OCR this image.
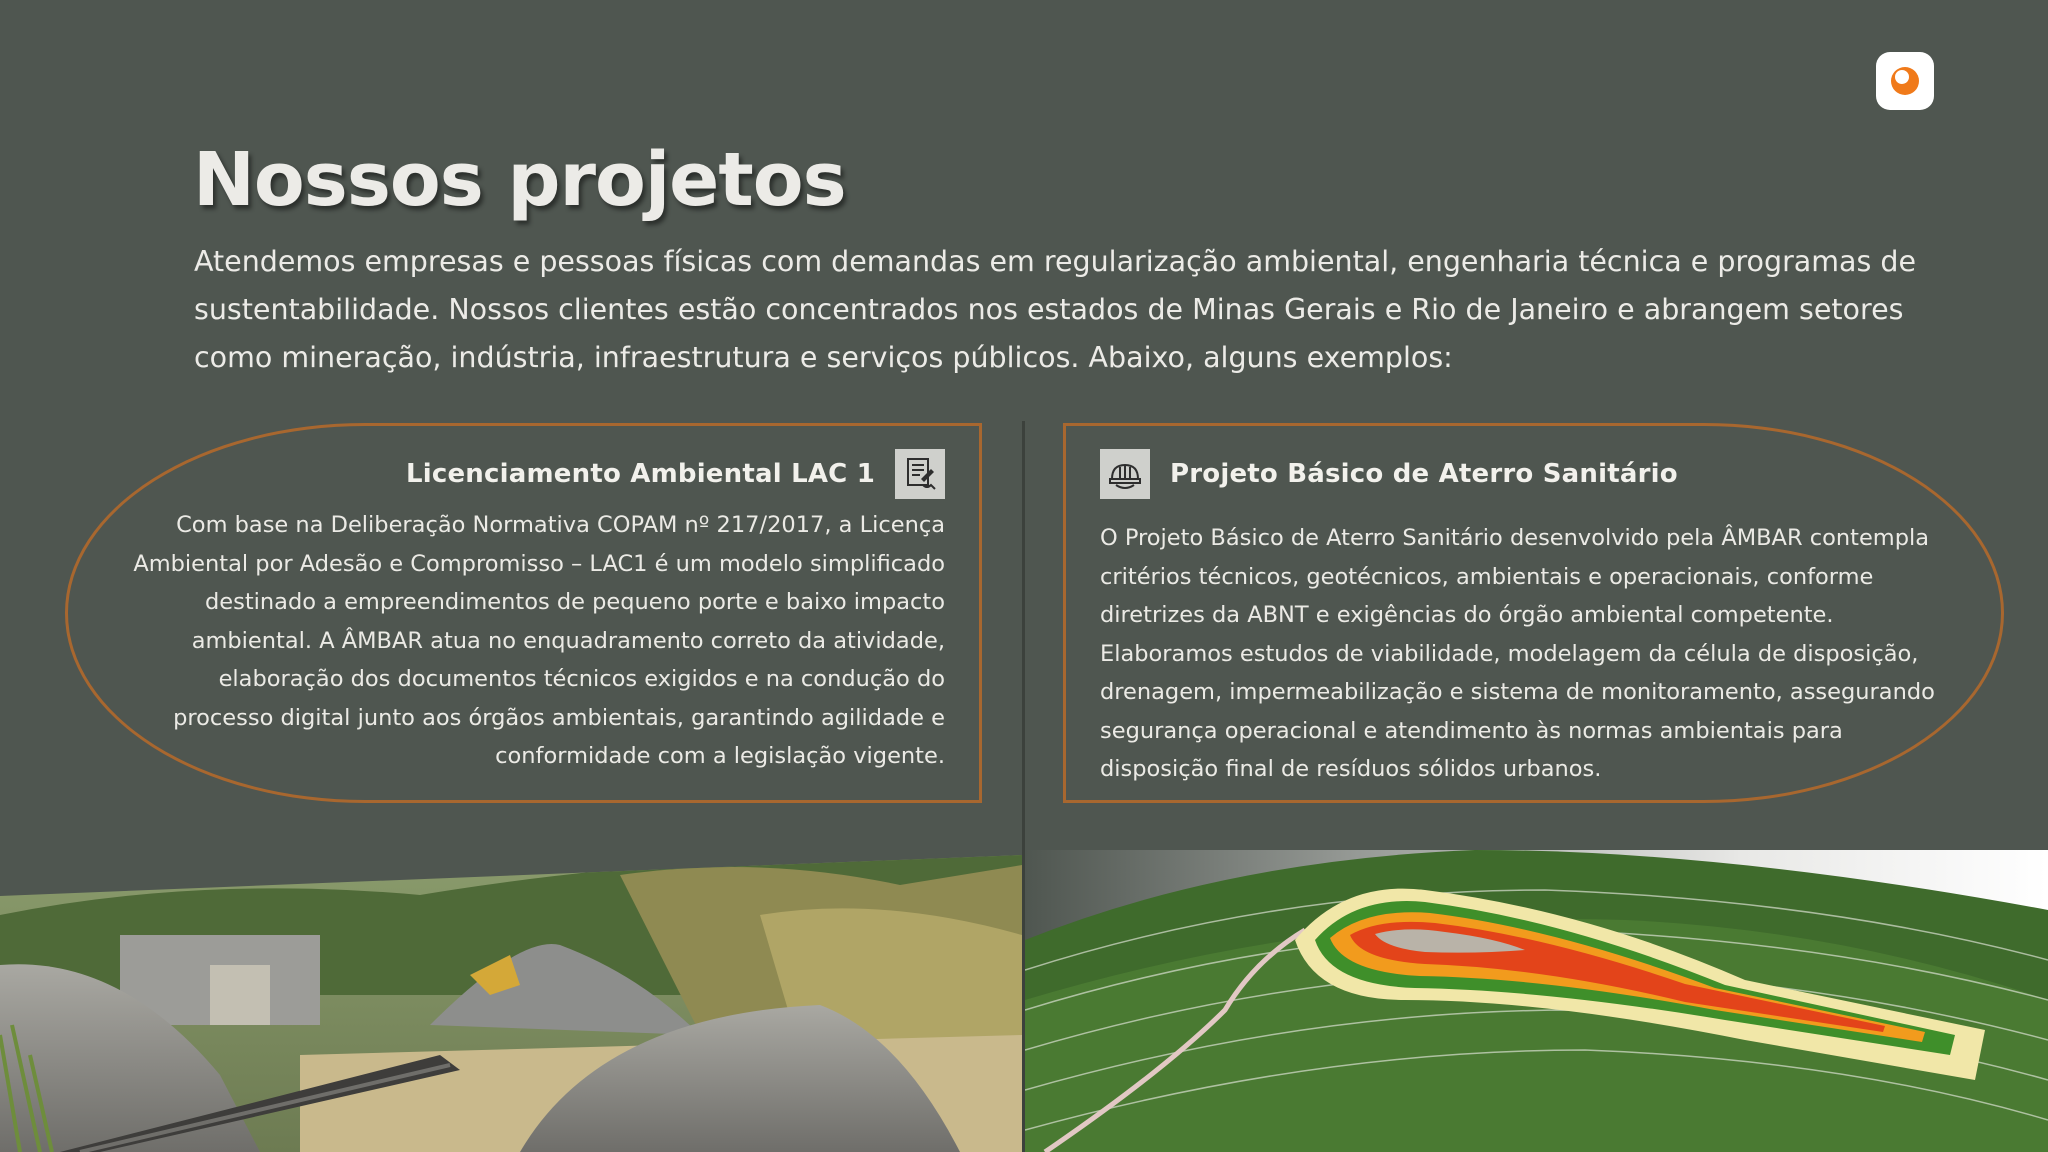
Nossos projetos

Atendemos empresas e pessoas físicas com demandas em regularização ambiental, engenharia técnica e programas de sustentabilidade. Nossos clientes estão concentrados nos estados de Minas Gerais e Rio de Janeiro e abrangem setores como mineração, indústria, infraestrutura e serviços públicos. Abaixo, alguns exemplos:

Licenciamento Ambiental LAC 1

Com base na Deliberação Normativa COPAM nº 217/2017, a Licença Ambiental por Adesão e Compromisso – LAC1 é um modelo simplificado destinado a empreendimentos de pequeno porte e baixo impacto ambiental. A ÂMBAR atua no enquadramento correto da atividade, elaboração dos documentos técnicos exigidos e na condução do processo digital junto aos órgãos ambientais, garantindo agilidade e conformidade com a legislação vigente.

Projeto Básico de Aterro Sanitário

O Projeto Básico de Aterro Sanitário desenvolvido pela ÂMBAR contempla critérios técnicos, geotécnicos, ambientais e operacionais, conforme diretrizes da ABNT e exigências do órgão ambiental competente. Elaboramos estudos de viabilidade, modelagem da célula de disposição, drenagem, impermeabilização e sistema de monitoramento, assegurando segurança operacional e atendimento às normas ambientais para disposição final de resíduos sólidos urbanos.
